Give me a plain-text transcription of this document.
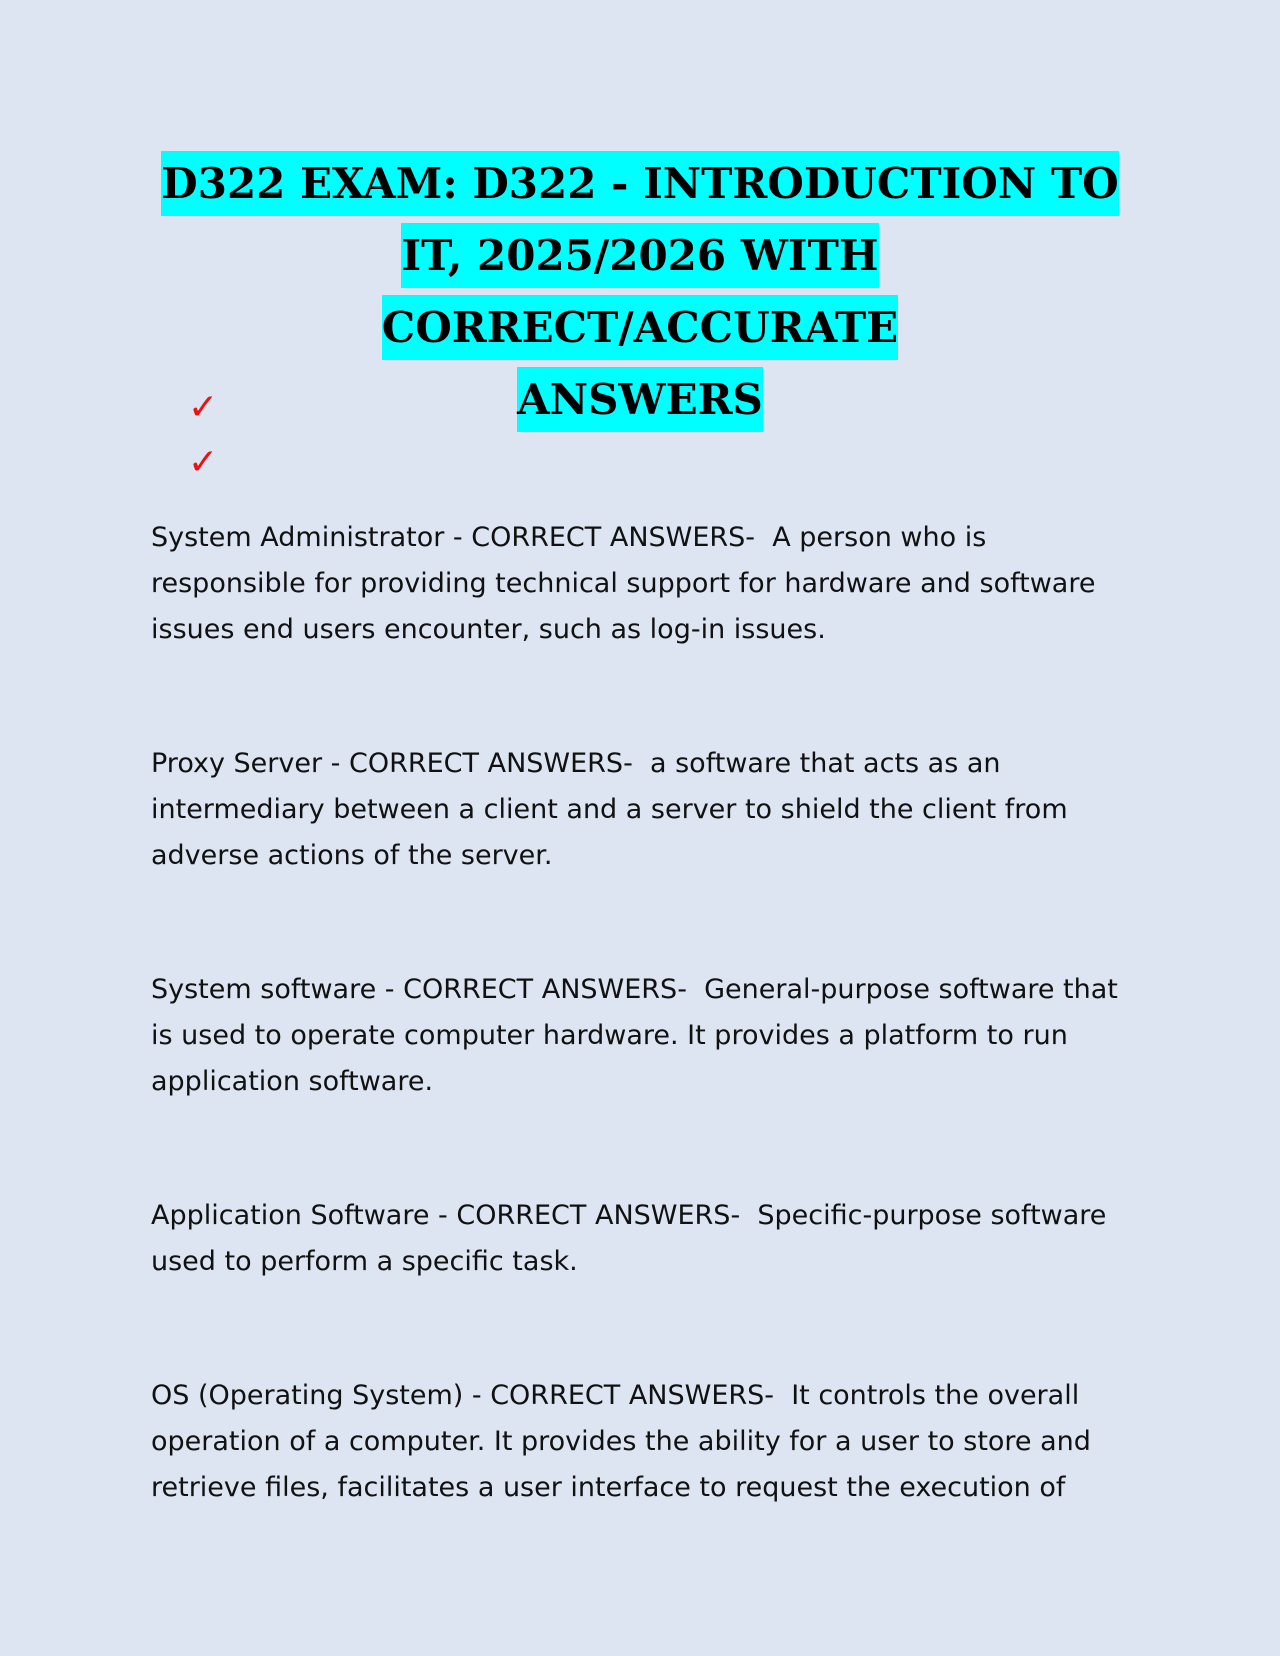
D322 EXAM: D322 - INTRODUCTION TO
IT, 2025/2026 WITH CORRECT/ACCURATE
ANSWERS
✓
✓

System Administrator - CORRECT ANSWERS-  A person who is responsible for providing technical support for hardware and software issues end users encounter, such as log-in issues.

Proxy Server - CORRECT ANSWERS-  a software that acts as an intermediary between a client and a server to shield the client from adverse actions of the server.

System software - CORRECT ANSWERS-  General-purpose software that is used to operate computer hardware. It provides a platform to run application software.

Application Software - CORRECT ANSWERS-  Specific-purpose software used to perform a specific task.

OS (Operating System) - CORRECT ANSWERS-  It controls the overall operation of a computer. It provides the ability for a user to store and retrieve files, facilitates a user interface to request the execution of
